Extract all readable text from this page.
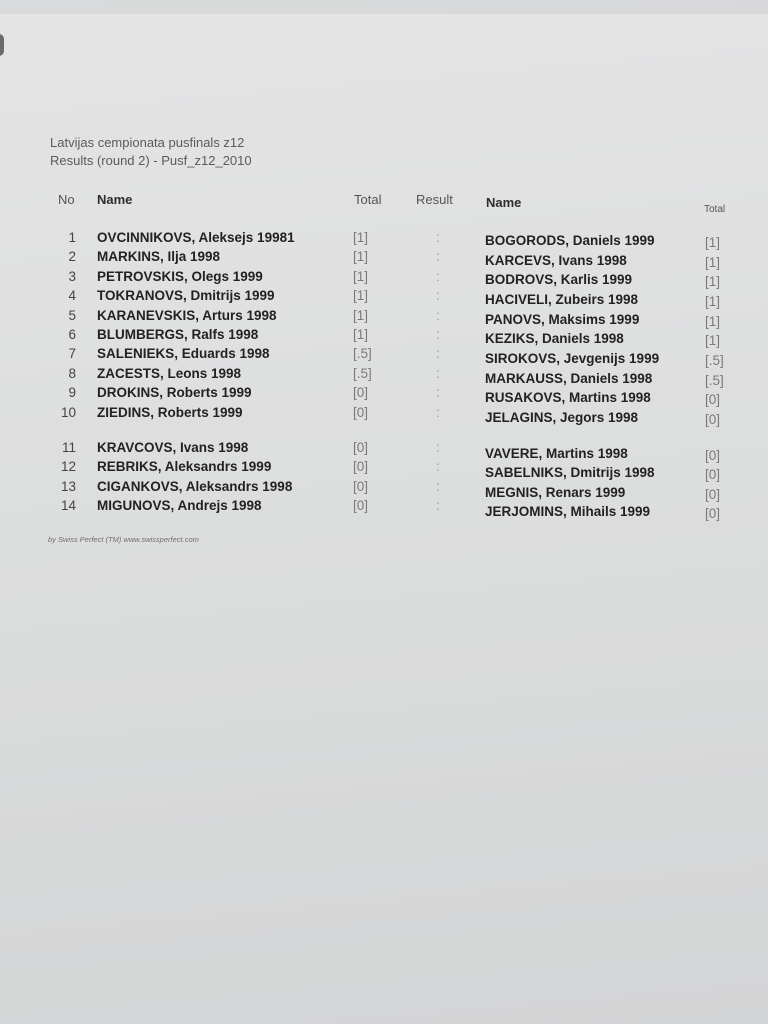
Latvijas cempionata pusfinals z12
Results (round 2) - Pusf_z12_2010
No Name	Total	Result	Name	Total
1 OVCINNIKOVS, Aleksejs 19981	[1]	:	BOGORODS, Daniels 1999	[1]
2 MARKINS, Ilja 1998	[1]	:	KARCEVS, Ivans 1998	[1]
3 PETROVSKIS, Olegs 1999	[1]	:	BODROVS, Karlis 1999	[1]
4 TOKRANOVS, Dmitrijs 1999	[1]	:	HACIVELI, Zubeirs 1998	[1]
5 KARANEVSKIS, Arturs 1998	[1]	:	PANOVS, Maksims 1999	[1]
6 BLUMBERGS, Ralfs 1998	[1]	:	KEZIKS, Daniels 1998	[1]
7 SALENIEKS, Eduards 1998	[.5]	:	SIROKOVS, Jevgenijs 1999	[.5]
8 ZACESTS, Leons 1998	[.5]	:	MARKAUSS, Daniels 1998	[.5]
9 DROKINS, Roberts 1999	[0]	:	RUSAKOVS, Martins 1998	[0]
10 ZIEDINS, Roberts 1999	[0]	:	JELAGINS, Jegors 1998	[0]
11 KRAVCOVS, Ivans 1998	[0]	:	VAVERE, Martins 1998	[0]
12 REBRIKS, Aleksandrs 1999	[0]	:	SABELNIKS, Dmitrijs 1998	[0]
13 CIGANKOVS, Aleksandrs 1998	[0]	:	MEGNIS, Renars 1999	[0]
14 MIGUNOVS, Andrejs 1998	[0]	:	JERJOMINS, Mihails 1999	[0]
by Swiss Perfect (TM) www.swissperfect.com
